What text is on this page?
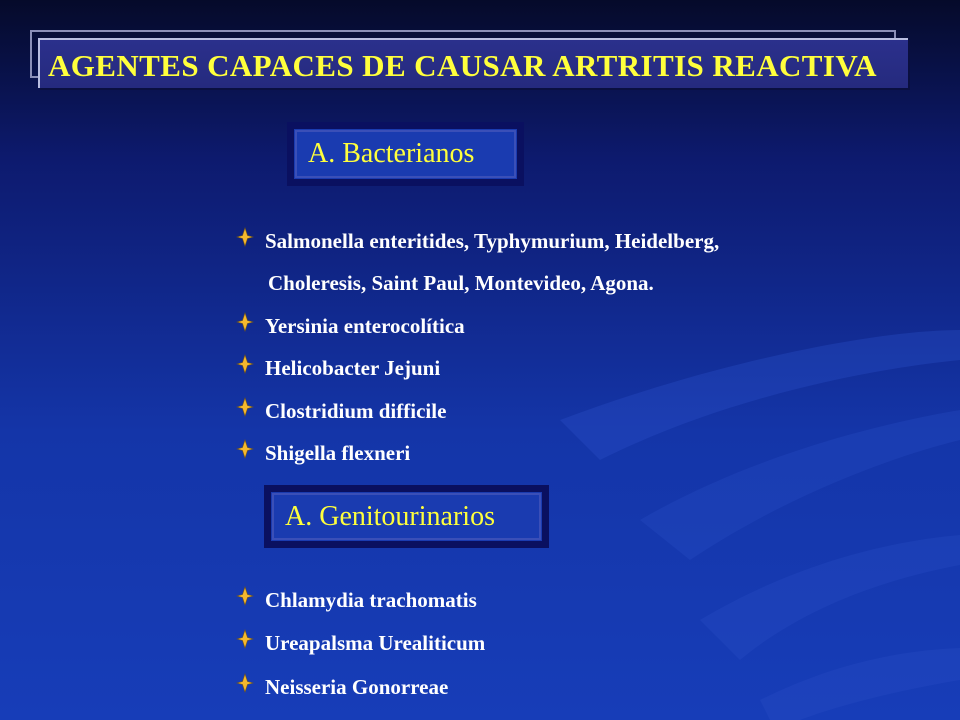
AGENTES CAPACES DE CAUSAR ARTRITIS REACTIVA
A. Bacterianos
Salmonella enteritides, Typhymurium, Heidelberg,
Choleresis, Saint Paul, Montevideo, Agona.
Yersinia enterocolítica
Helicobacter Jejuni
Clostridium difficile
Shigella flexneri
A. Genitourinarios
Chlamydia trachomatis
Ureapalsma Urealiticum
Neisseria Gonorreae
